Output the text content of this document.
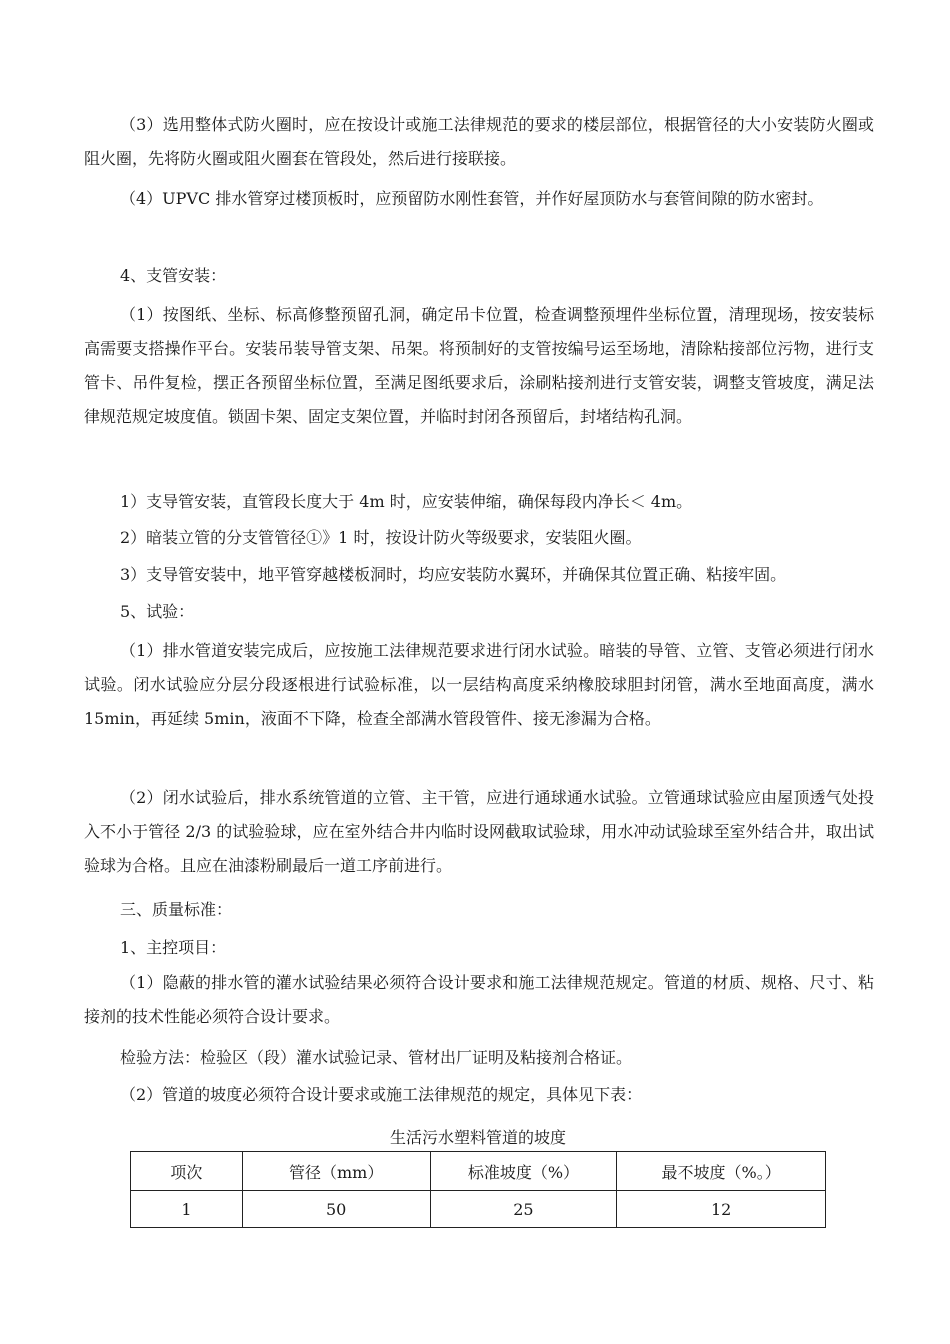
（3）选用整体式防火圈时，应在按设计或施工法律规范的要求的楼层部位，根据管径的大小安装防火圈或阻火圈，先将防火圈或阻火圈套在管段处，然后进行接联接。

（4）UPVC 排水管穿过楼顶板时，应预留防水刚性套管，并作好屋顶防水与套管间隙的防水密封。

4、支管安装：

（1）按图纸、坐标、标高修整预留孔洞，确定吊卡位置，检查调整预埋件坐标位置，清理现场，按安装标高需要支搭操作平台。安装吊装导管支架、吊架。将预制好的支管按编号运至场地，清除粘接部位污物，进行支管卡、吊件复检，摆正各预留坐标位置，至满足图纸要求后，涂刷粘接剂进行支管安装，调整支管坡度，满足法律规范规定坡度值。锁固卡架、固定支架位置，并临时封闭各预留后，封堵结构孔洞。

1）支导管安装，直管段长度大于 4m 时，应安装伸缩，确保每段内净长＜ 4m。

2）暗装立管的分支管管径①》1 时，按设计防火等级要求，安装阻火圈。

3）支导管安装中，地平管穿越楼板洞时，均应安装防水翼环，并确保其位置正确、粘接牢固。

5、试验：

（1）排水管道安装完成后，应按施工法律规范要求进行闭水试验。暗装的导管、立管、支管必须进行闭水试验。闭水试验应分层分段逐根进行试验标准，以一层结构高度采纳橡胶球胆封闭管，满水至地面高度，满水 15min，再延续 5min，液面不下降，检查全部满水管段管件、接无渗漏为合格。

（2）闭水试验后，排水系统管道的立管、主干管，应进行通球通水试验。立管通球试验应由屋顶透气处投入不小于管径 2/3 的试验验球，应在室外结合井内临时设网截取试验球，用水冲动试验球至室外结合井，取出试验球为合格。且应在油漆粉刷最后一道工序前进行。

三、质量标准：

1、主控项目：

（1）隐蔽的排水管的灌水试验结果必须符合设计要求和施工法律规范规定。管道的材质、规格、尺寸、粘接剂的技术性能必须符合设计要求。

检验方法：检验区（段）灌水试验记录、管材出厂证明及粘接剂合格证。

（2）管道的坡度必须符合设计要求或施工法律规范的规定，具体见下表：

生活污水塑料管道的坡度
项次	管径（mm）	标准坡度（%）	最不坡度（%。）
1	50	25	12
